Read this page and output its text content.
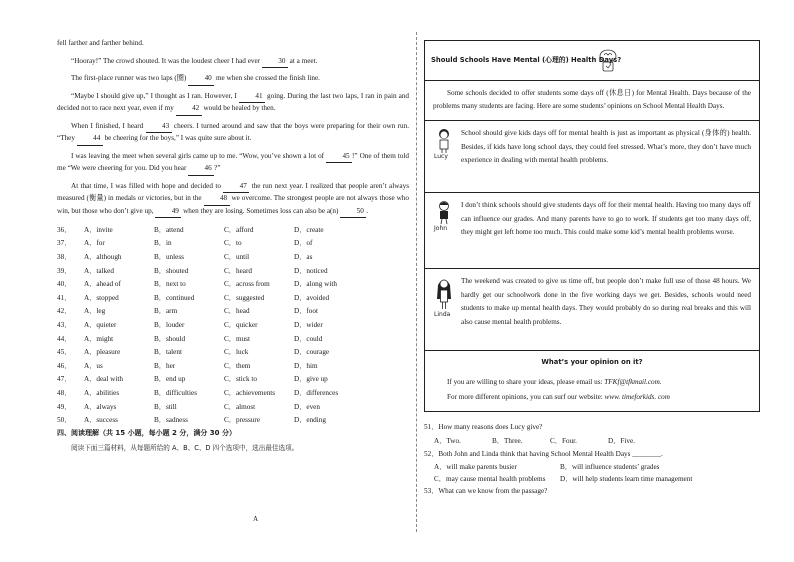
fell farther and farther behind.

“Hooray!” The crowd shouted. It was the loudest cheer I had ever 30 at a meet.

The first-place runner was two laps (圈) 40 me when she crossed the finish line.

“Maybe I should give up,” I thought as I ran. However, I 41 going. During the last two laps, I ran in pain and decided not to race next year, even if my 42 would be healed by then.

When I finished, I heard 43 cheers. I turned around and saw that the boys were preparing for their own run. “They 44 be cheering for the boys,” I was quite sure about it.

I was leaving the meet when several girls came up to me. “Wow, you’ve shown a lot of 45 !” One of them told me “We were cheering for you. Did you hear 46 ?”

At that time, I was filled with hope and decided to 47 the run next year. I realized that people aren’t always measured (衡量) in medals or victories, but in the 48 we overcome. The strongest people are not always those who win, but those who don’t give up, 49 when they are losing. Sometimes loss can also be a(n) 50 .

36．	A．invite	B．attend	C．afford	D．create
37．	A．for	B．in	C．to	D．of
38．	A．although	B．unless	C．until	D．as
39．	A．talked	B．shouted	C．heard	D．noticed
40．	A．ahead of	B．next to	C．across from	D．along with
41．	A．stopped	B．continued	C．suggested	D．avoided
42．	A．leg	B．arm	C．head	D．foot
43．	A．quieter	B．louder	C．quicker	D．wider
44．	A．might	B．should	C．must	D．could
45．	A．pleasure	B．talent	C．luck	D．courage
46．	A．us	B．her	C．them	D．him
47．	A．deal with	B．end up	C．stick to	D．give up
48．	A．abilities	B．difficulties	C．achievements	D．differences
49．	A．always	B．still	C．almost	D．even
50．	A．success	B．sadness	C．pressure	D．ending

四、阅读理解（共 15 小题，每小题 2 分，满分 30 分）

阅读下面三篇材料，从每题所给的 A、B、C、D 四个选项中，选出最佳选项。

A
Should Schools Have Mental (心理的) Health Days?

Some schools decided to offer students some days off (休息日) for Mental Health. Days because of the problems many students are facing. Here are some students’ opinions on School Mental Health Days.

Lucy

School should give kids days off for mental health is just as important as physical (身体的) health. Besides, if kids have long school days, they could feel stressed. What’s more, they don’t have much experience in dealing with mental health problems.

John

I don’t think schools should give students days off for their mental health. Having too many days off can influence our grades. And many parents have to go to work. If students get too many days off, they might get left home too much. This could make some kid’s mental health problems worse.

Linda

The weekend was created to give us time off, but people don’t make full use of those 48 hours. We hardly get our schoolwork done in the five working days we get. Besides, schools would need students to make up mental health days. They would probably do so during real breaks and this will also cause mental health problems.

What’s your opinion on it?

If you are willing to share your ideas, please email us: TFKf@tfkmail.com.

For more different opinions, you can surf our website: www. timeforkids. com

51．How many reasons does Lucy give?

A．Two.	B．Three.	C．Four.	D．Five.

52．Both John and Linda think that having School Mental Health Days ________.

A．will make parents busier	B．will influence students’ grades
C．may cause mental health problems	D．will help students learn time management

53．What can we know from the passage?
